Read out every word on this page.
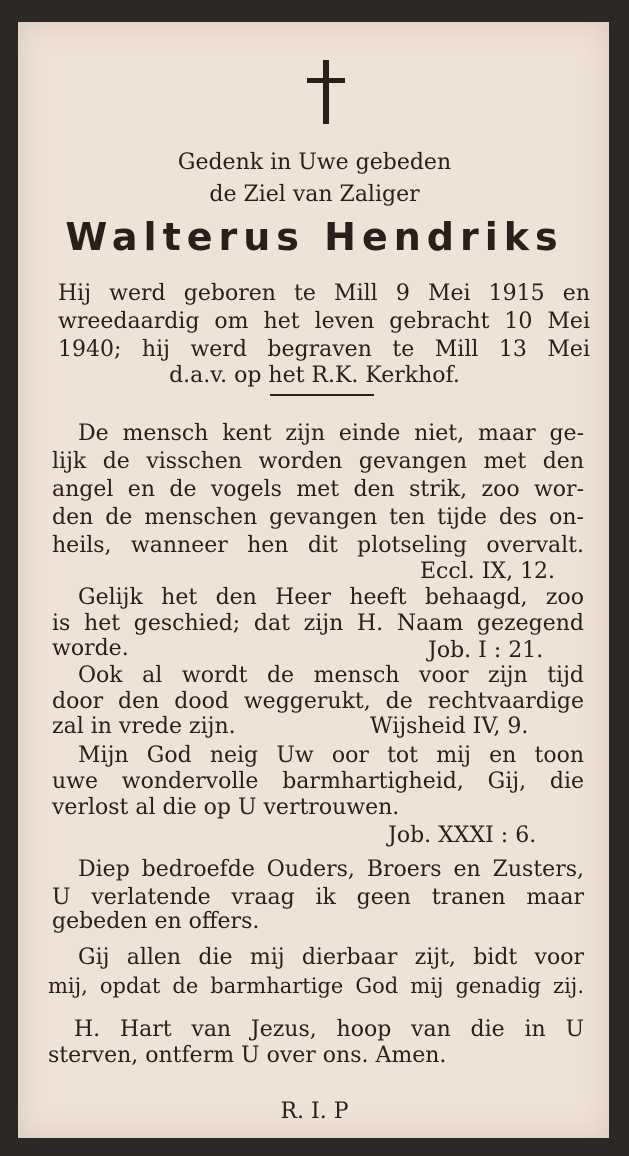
Gedenk in Uwe gebeden
de Ziel van Zaliger
Walterus Hendriks
Hij werd geboren te Mill 9 Mei 1915 en
wreedaardig om het leven gebracht 10 Mei
1940; hij werd begraven te Mill 13 Mei
d.a.v. op het R.K. Kerkhof.
De mensch kent zijn einde niet, maar ge-
lijk de visschen worden gevangen met den
angel en de vogels met den strik, zoo wor-
den de menschen gevangen ten tijde des on-
heils, wanneer hen dit plotseling overvalt.
Eccl. IX, 12.
Gelijk het den Heer heeft behaagd, zoo
is het geschied; dat zijn H. Naam gezegend
worde.	Job. I : 21.
Ook al wordt de mensch voor zijn tijd
door den dood weggerukt, de rechtvaardige
zal in vrede zijn.	Wijsheid IV, 9.
Mijn God neig Uw oor tot mij en toon
uwe wondervolle barmhartigheid, Gij, die
verlost al die op U vertrouwen.
Job. XXXI : 6.
Diep bedroefde Ouders, Broers en Zusters,
U verlatende vraag ik geen tranen maar
gebeden en offers.
Gij allen die mij dierbaar zijt, bidt voor
mij, opdat de barmhartige God mij genadig zij.
H. Hart van Jezus, hoop van die in U
sterven, ontferm U over ons. Amen.
R. I. P
